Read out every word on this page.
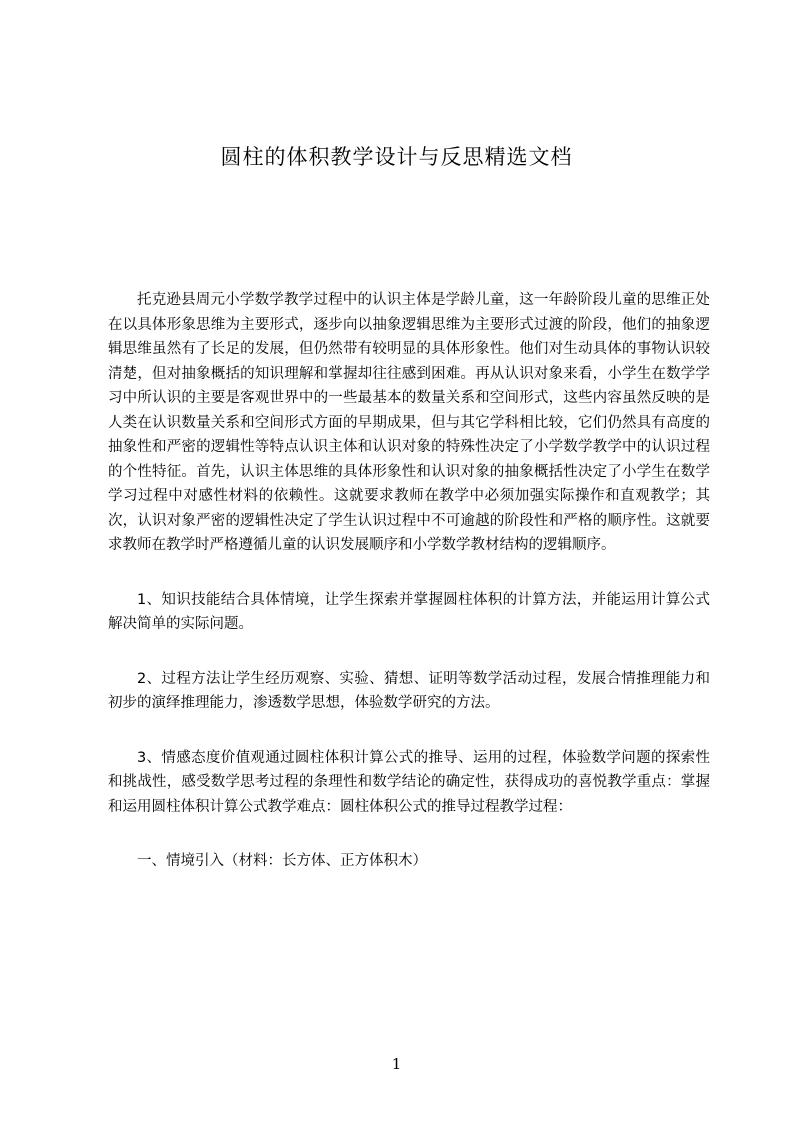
圆柱的体积教学设计与反思精选文档

托克逊县周元小学数学教学过程中的认识主体是学龄儿童，这一年龄阶段儿童的思维正处在以具体形象思维为主要形式，逐步向以抽象逻辑思维为主要形式过渡的阶段，他们的抽象逻辑思维虽然有了长足的发展，但仍然带有较明显的具体形象性。他们对生动具体的事物认识较清楚，但对抽象概括的知识理解和掌握却往往感到困难。再从认识对象来看，小学生在数学学习中所认识的主要是客观世界中的一些最基本的数量关系和空间形式，这些内容虽然反映的是人类在认识数量关系和空间形式方面的早期成果，但与其它学科相比较，它们仍然具有高度的抽象性和严密的逻辑性等特点认识主体和认识对象的特殊性决定了小学数学教学中的认识过程的个性特征。首先，认识主体思维的具体形象性和认识对象的抽象概括性决定了小学生在数学学习过程中对感性材料的依赖性。这就要求教师在教学中必须加强实际操作和直观教学；其次，认识对象严密的逻辑性决定了学生认识过程中不可逾越的阶段性和严格的顺序性。这就要求教师在教学时严格遵循儿童的认识发展顺序和小学数学教材结构的逻辑顺序。

1、知识技能结合具体情境，让学生探索并掌握圆柱体积的计算方法，并能运用计算公式解决简单的实际问题。

2、过程方法让学生经历观察、实验、猜想、证明等数学活动过程，发展合情推理能力和初步的演绎推理能力，渗透数学思想，体验数学研究的方法。

3、情感态度价值观通过圆柱体积计算公式的推导、运用的过程，体验数学问题的探索性和挑战性，感受数学思考过程的条理性和数学结论的确定性，获得成功的喜悦教学重点：掌握和运用圆柱体积计算公式教学难点：圆柱体积公式的推导过程教学过程：

一、情境引入（材料：长方体、正方体积木）

1
